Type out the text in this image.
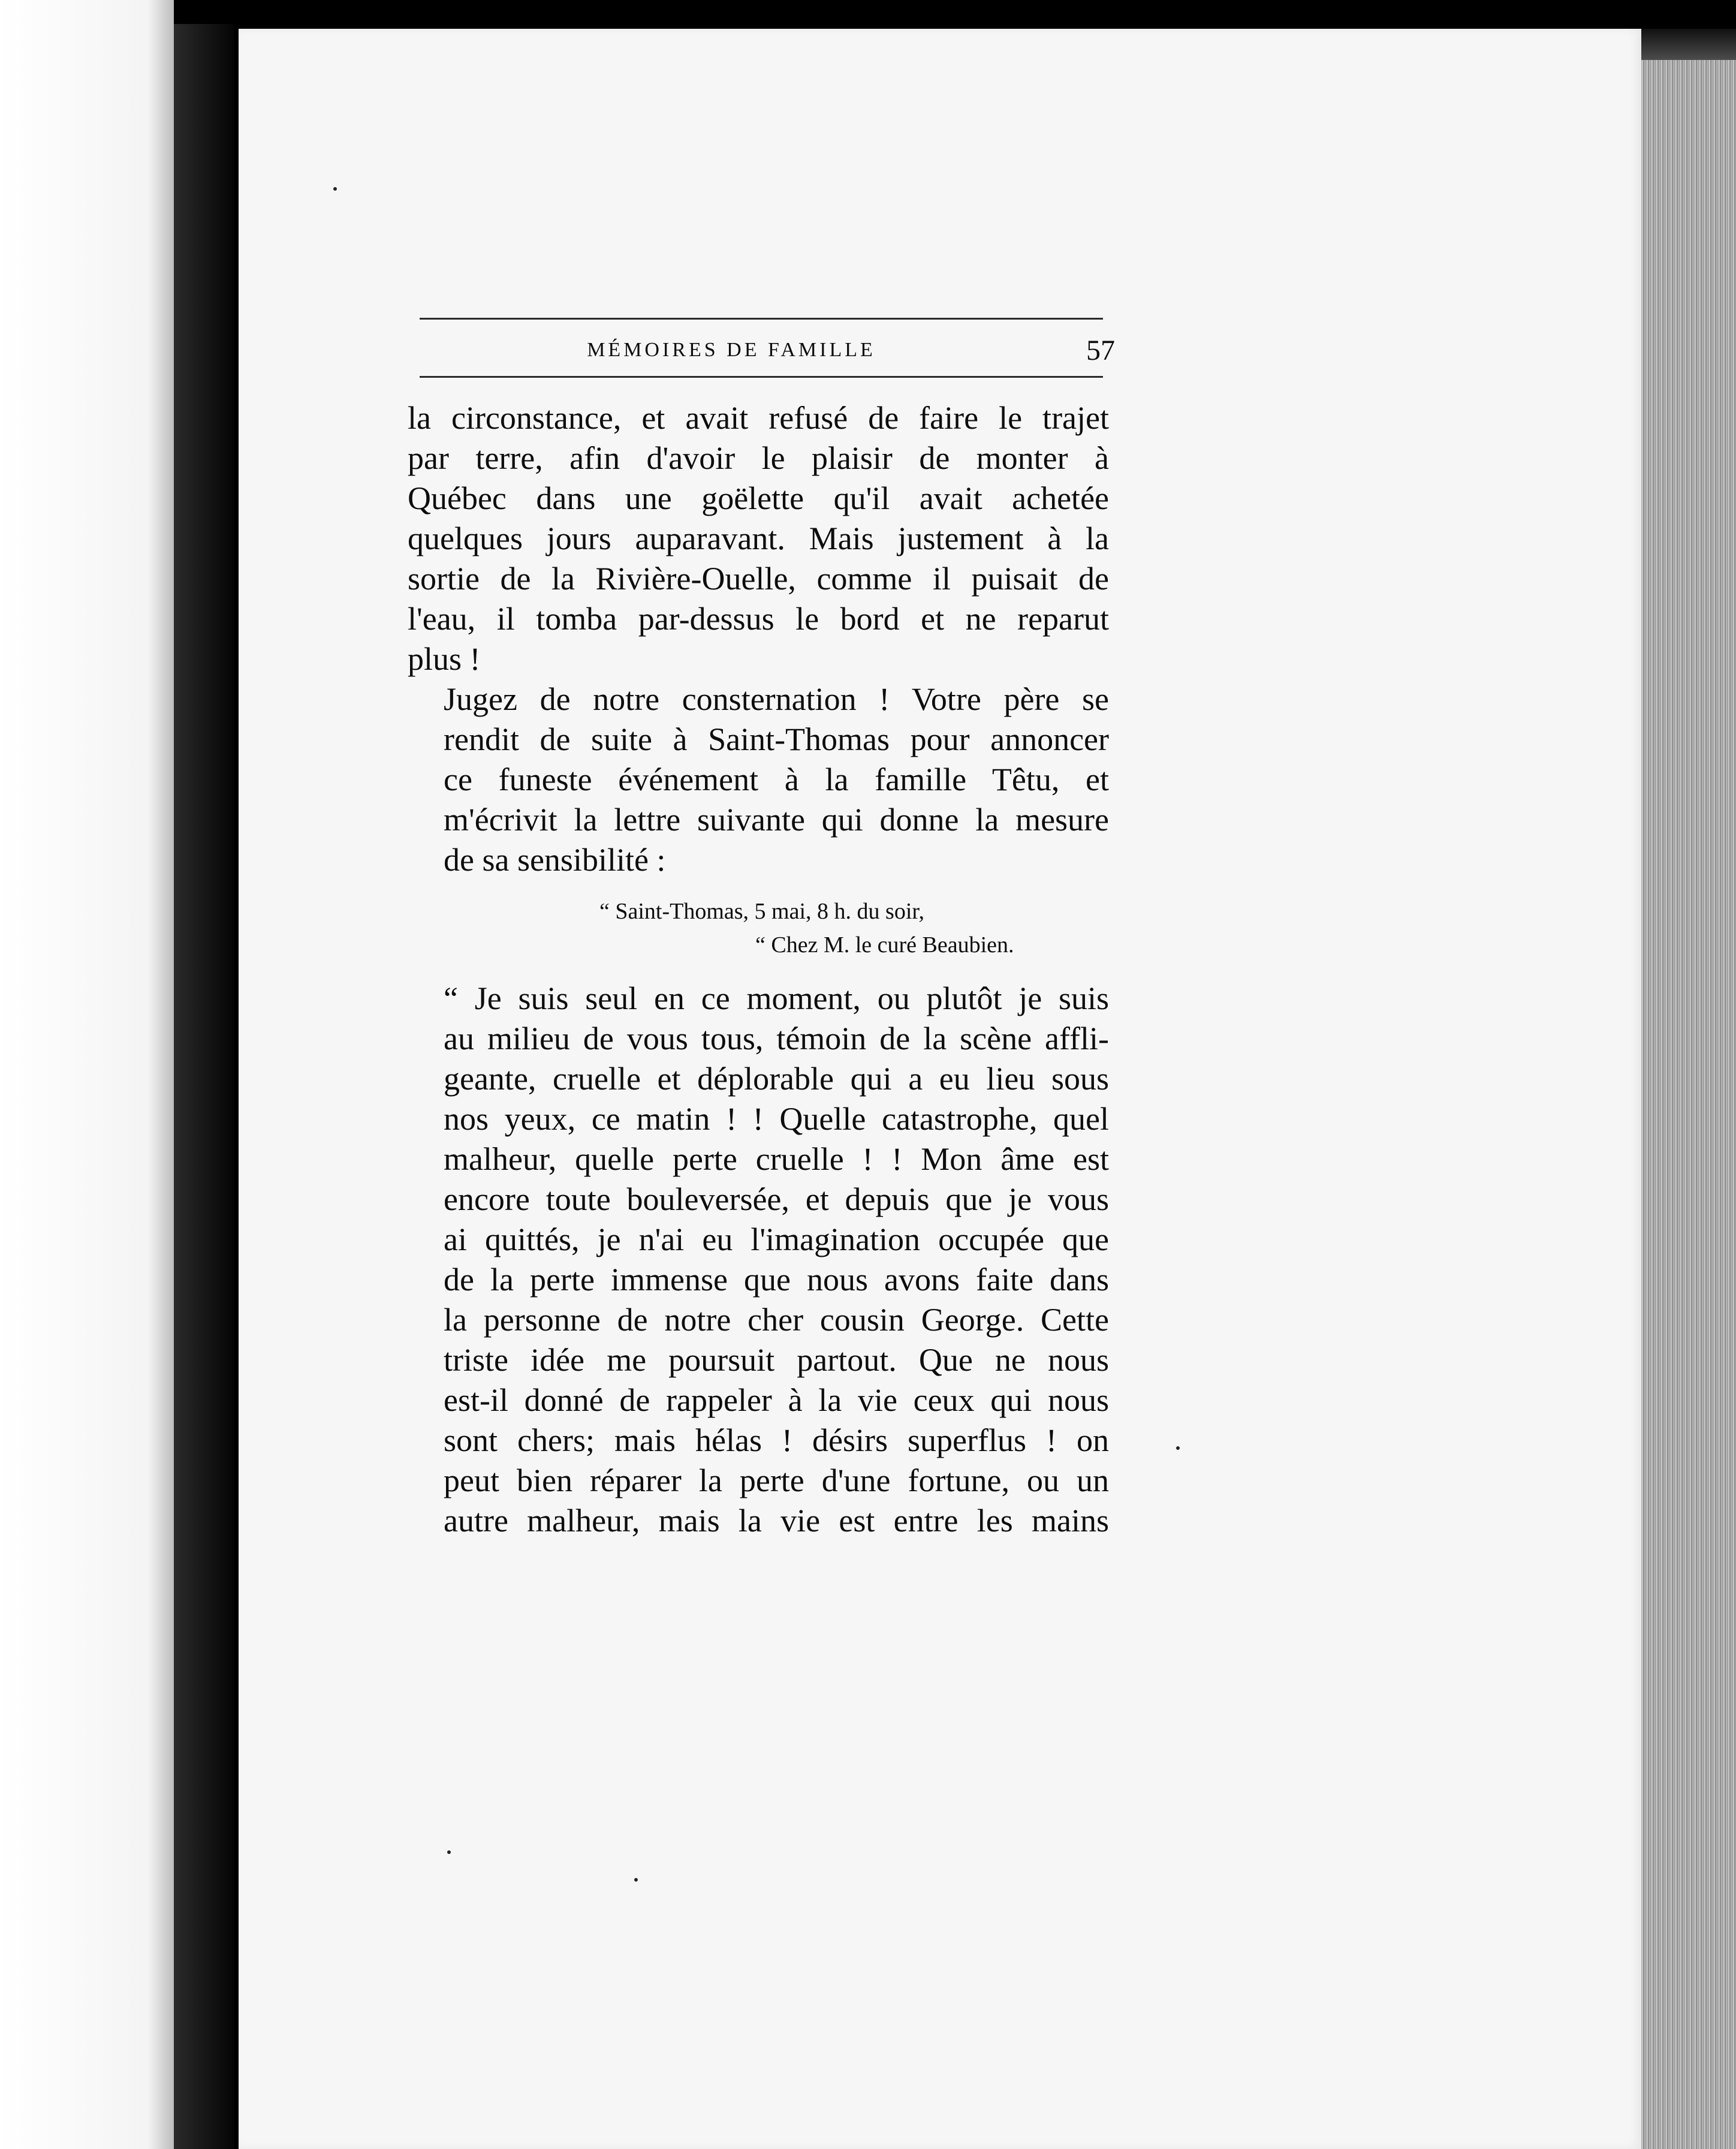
MÉMOIRES DE FAMILLE	57

la circonstance, et avait refusé de faire le trajet
par terre, afin d'avoir le plaisir de monter à
Québec dans une goëlette qu'il avait achetée
quelques jours auparavant. Mais justement à la
sortie de la Rivière-Ouelle, comme il puisait de
l'eau, il tomba par-dessus le bord et ne reparut
plus !

Jugez de notre consternation ! Votre père se
rendit de suite à Saint-Thomas pour annoncer
ce funeste événement à la famille Têtu, et
m'écrivit la lettre suivante qui donne la mesure
de sa sensibilité :

“ Saint-Thomas, 5 mai, 8 h. du soir,
“ Chez M. le curé Beaubien.

“ Je suis seul en ce moment, ou plutôt je suis
au milieu de vous tous, témoin de la scène affli-
geante, cruelle et déplorable qui a eu lieu sous
nos yeux, ce matin ! ! Quelle catastrophe, quel
malheur, quelle perte cruelle ! ! Mon âme est
encore toute bouleversée, et depuis que je vous
ai quittés, je n'ai eu l'imagination occupée que
de la perte immense que nous avons faite dans
la personne de notre cher cousin George. Cette
triste idée me poursuit partout. Que ne nous
est-il donné de rappeler à la vie ceux qui nous
sont chers; mais hélas ! désirs superflus ! on
peut bien réparer la perte d'une fortune, ou un
autre malheur, mais la vie est entre les mains
